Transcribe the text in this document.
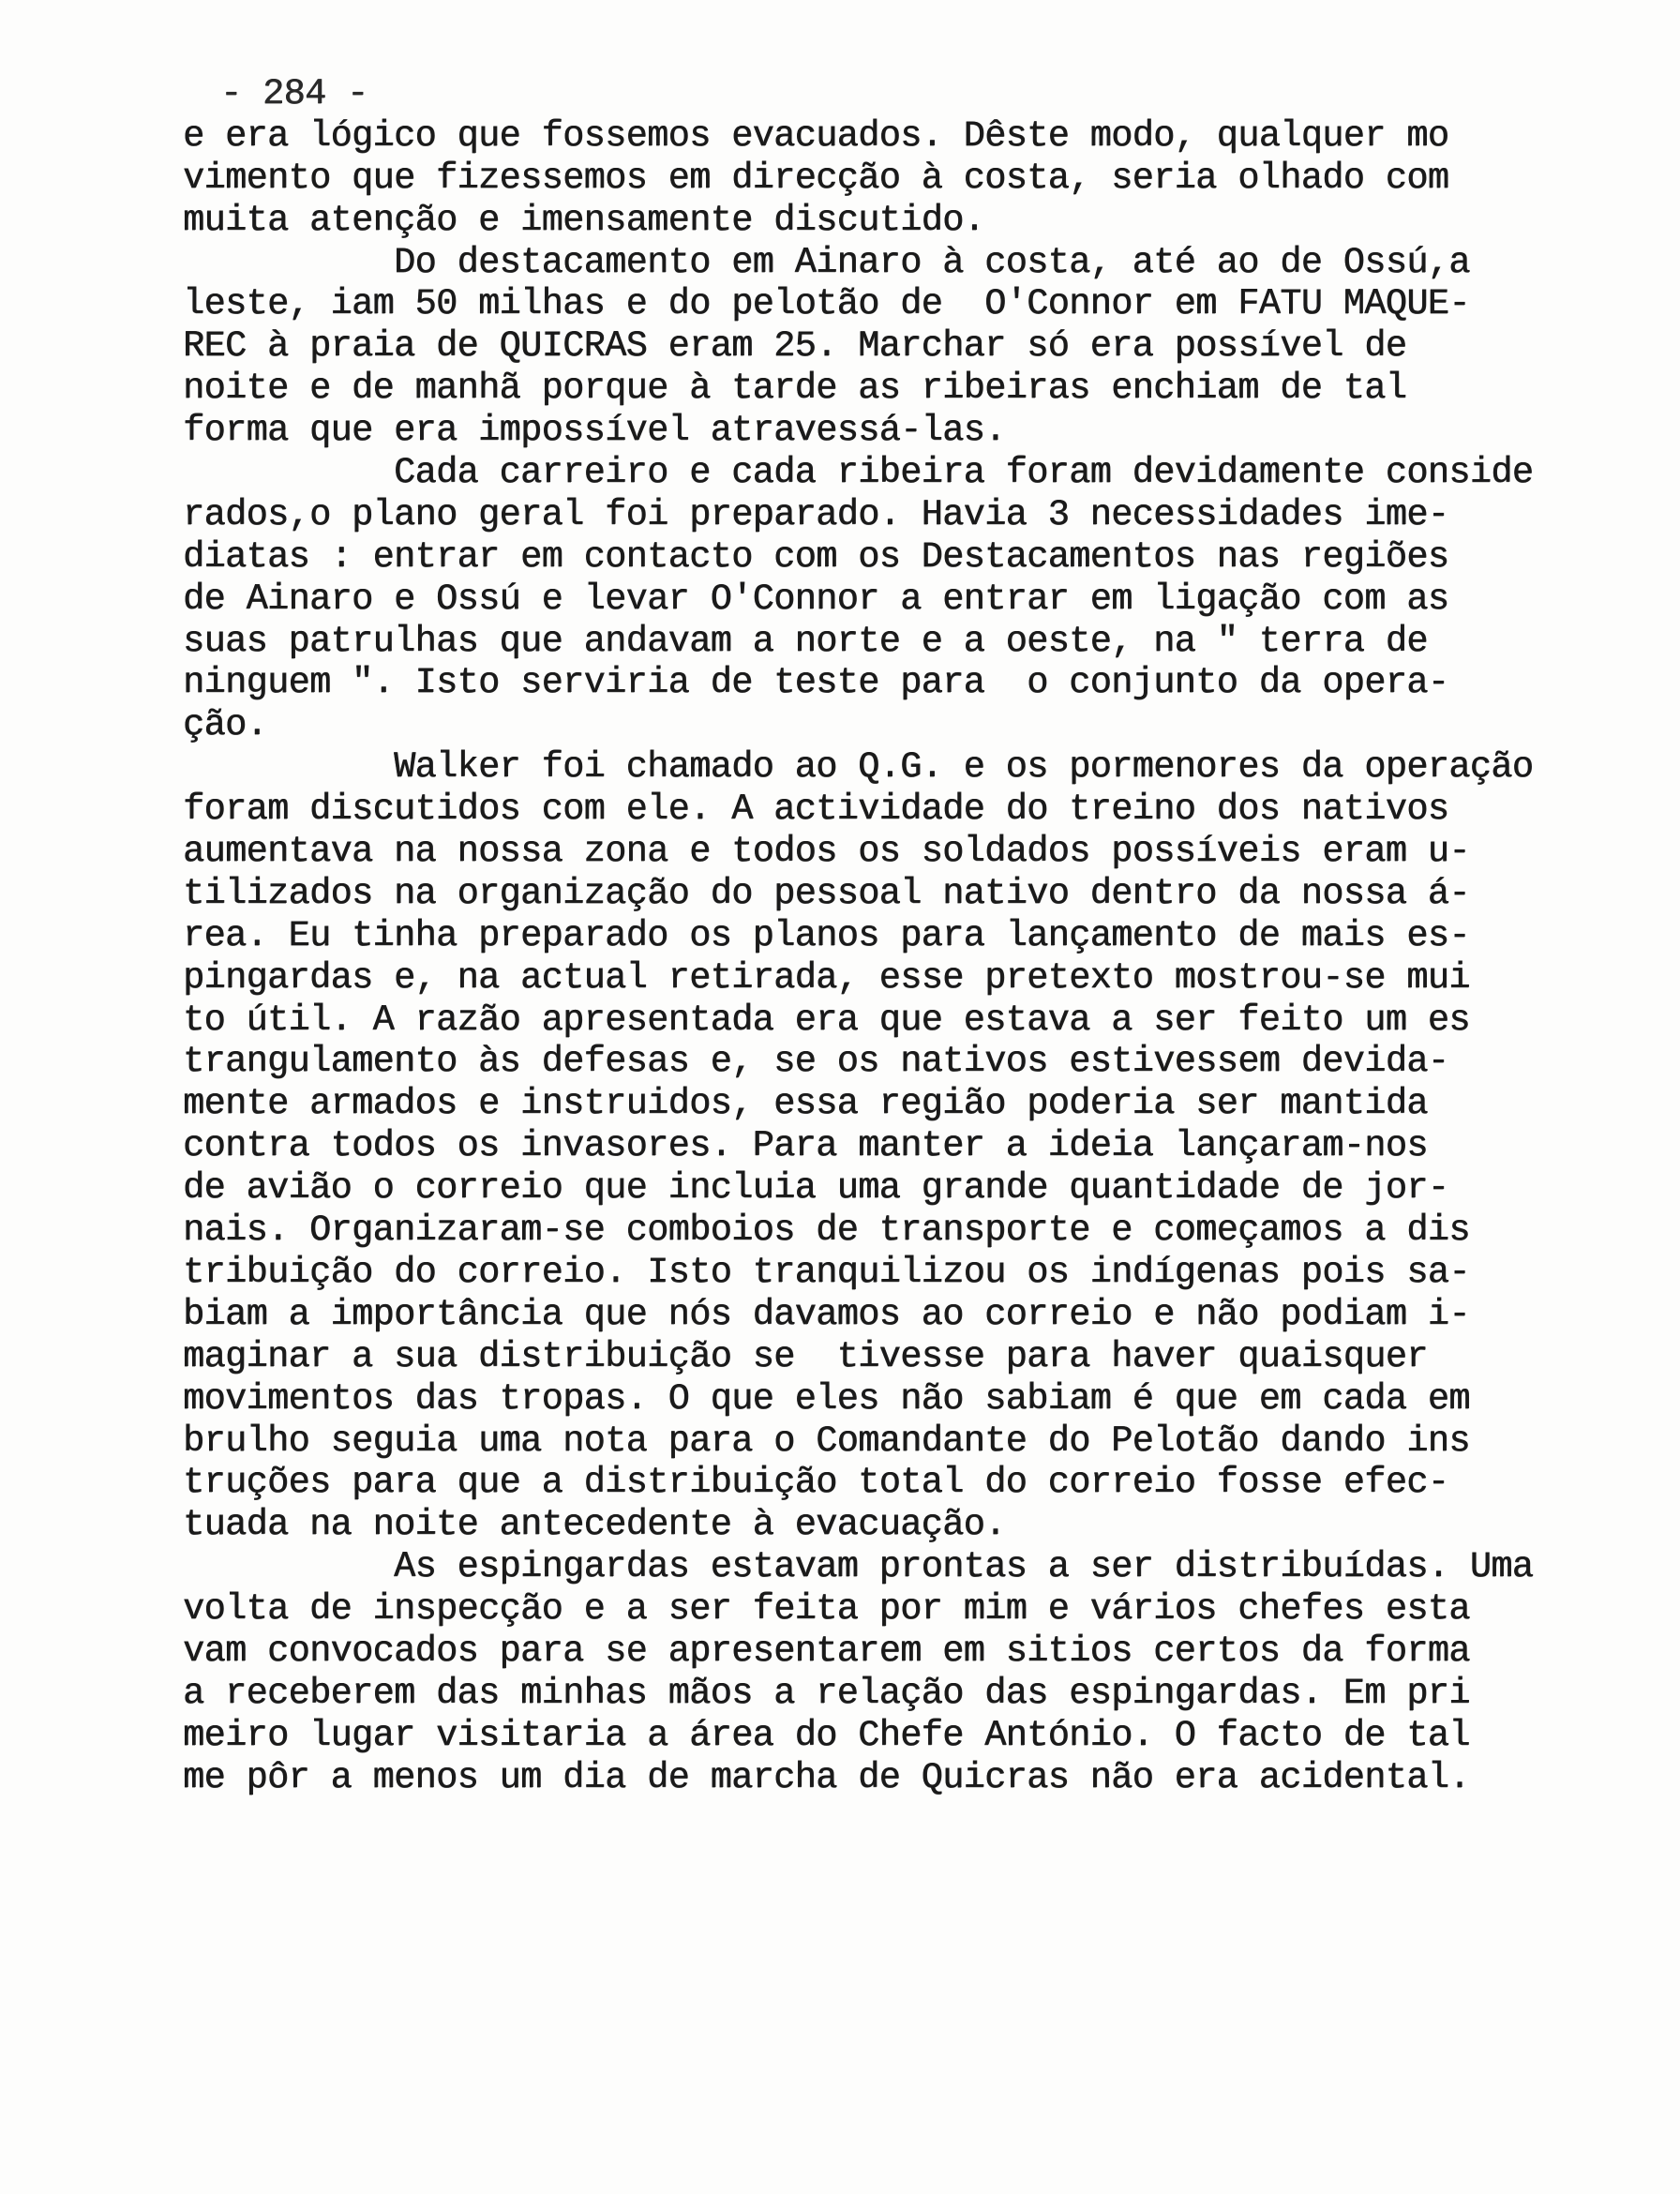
- 284 -
e era lógico que fossemos evacuados. Dêste modo, qualquer mo
vimento que fizessemos em direcção à costa, seria olhado com
muita atenção e imensamente discutido.
Do destacamento em Ainaro à costa, até ao de Ossú,a
leste, iam 50 milhas e do pelotão de  O'Connor em FATU MAQUE-
REC à praia de QUICRAS eram 25. Marchar só era possível de
noite e de manhã porque à tarde as ribeiras enchiam de tal
forma que era impossível atravessá-las.
Cada carreiro e cada ribeira foram devidamente conside
rados,o plano geral foi preparado. Havia 3 necessidades ime-
diatas : entrar em contacto com os Destacamentos nas regiões
de Ainaro e Ossú e levar O'Connor a entrar em ligação com as
suas patrulhas que andavam a norte e a oeste, na " terra de
ninguem ". Isto serviria de teste para  o conjunto da opera-
ção.
Walker foi chamado ao Q.G. e os pormenores da operação
foram discutidos com ele. A actividade do treino dos nativos
aumentava na nossa zona e todos os soldados possíveis eram u-
tilizados na organização do pessoal nativo dentro da nossa á-
rea. Eu tinha preparado os planos para lançamento de mais es-
pingardas e, na actual retirada, esse pretexto mostrou-se mui
to útil. A razão apresentada era que estava a ser feito um es
trangulamento às defesas e, se os nativos estivessem devida-
mente armados e instruidos, essa região poderia ser mantida
contra todos os invasores. Para manter a ideia lançaram-nos
de avião o correio que incluia uma grande quantidade de jor-
nais. Organizaram-se comboios de transporte e começamos a dis
tribuição do correio. Isto tranquilizou os indígenas pois sa-
biam a importância que nós davamos ao correio e não podiam i-
maginar a sua distribuição se  tivesse para haver quaisquer
movimentos das tropas. O que eles não sabiam é que em cada em
brulho seguia uma nota para o Comandante do Pelotão dando ins
truções para que a distribuição total do correio fosse efec-
tuada na noite antecedente à evacuação.
As espingardas estavam prontas a ser distribuídas. Uma
volta de inspecção e a ser feita por mim e vários chefes esta
vam convocados para se apresentarem em sitios certos da forma
a receberem das minhas mãos a relação das espingardas. Em pri
meiro lugar visitaria a área do Chefe António. O facto de tal
me pôr a menos um dia de marcha de Quicras não era acidental.
